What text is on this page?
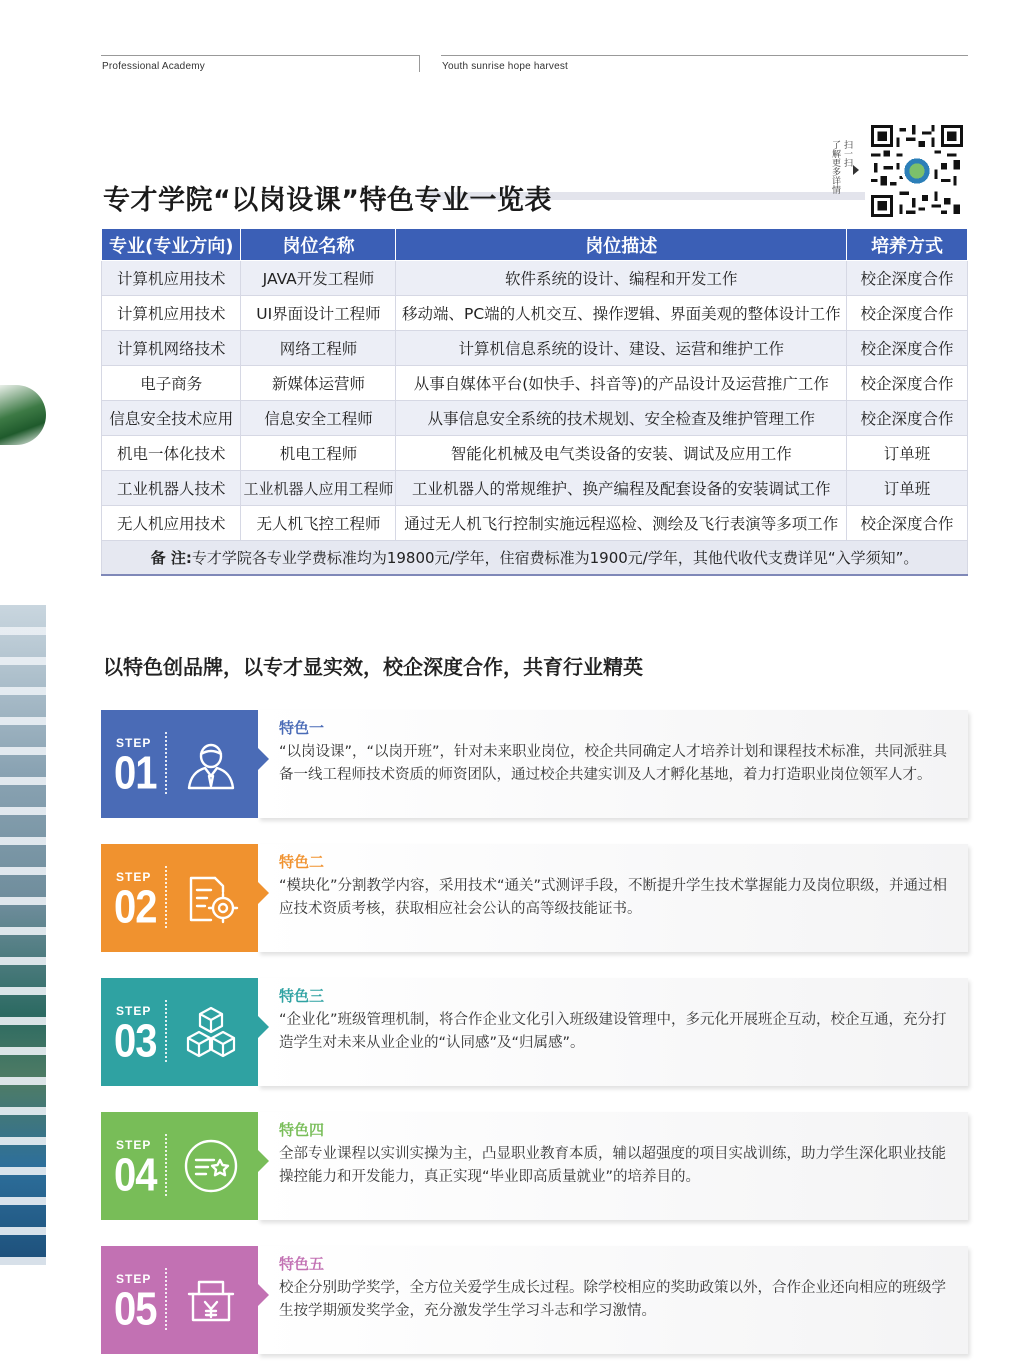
Professional Academy	Youth sunrise hope harvest
专才学院“以岗设课”特色专业一览表
扫一扫
了解更多详情
专业(专业方向)	岗位名称	岗位描述	培养方式
计算机应用技术	JAVA开发工程师	软件系统的设计、编程和开发工作	校企深度合作
计算机应用技术	UI界面设计工程师	移动端、PC端的人机交互、操作逻辑、界面美观的整体设计工作	校企深度合作
计算机网络技术	网络工程师	计算机信息系统的设计、建设、运营和维护工作	校企深度合作
电子商务	新媒体运营师	从事自媒体平台(如快手、抖音等)的产品设计及运营推广工作	校企深度合作
信息安全技术应用	信息安全工程师	从事信息安全系统的技术规划、安全检查及维护管理工作	校企深度合作
机电一体化技术	机电工程师	智能化机械及电气类设备的安装、调试及应用工作	订单班
工业机器人技术	工业机器人应用工程师	工业机器人的常规维护、换产编程及配套设备的安装调试工作	订单班
无人机应用技术	无人机飞控工程师	通过无人机飞行控制实施远程巡检、测绘及飞行表演等多项工作	校企深度合作
备 注:专才学院各专业学费标准均为19800元/学年，住宿费标准为1900元/学年，其他代收代支费详见“入学须知”。			
以特色创品牌，以专才显实效，校企深度合作，共育行业精英
STEP
01
特色一
“以岗设课”，“以岗开班”，针对未来职业岗位，校企共同确定人才培养计划和课程技术标准，共同派驻具备一线工程师技术资质的师资团队，通过校企共建实训及人才孵化基地，着力打造职业岗位领军人才。
STEP
02
特色二
“模块化”分割教学内容，采用技术“通关”式测评手段，不断提升学生技术掌握能力及岗位职级，并通过相应技术资质考核，获取相应社会公认的高等级技能证书。
STEP
03
特色三
“企业化”班级管理机制，将合作企业文化引入班级建设管理中，多元化开展班企互动，校企互通，充分打造学生对未来从业企业的“认同感”及“归属感”。
STEP
04
特色四
全部专业课程以实训实操为主，凸显职业教育本质，辅以超强度的项目实战训练，助力学生深化职业技能操控能力和开发能力，真正实现“毕业即高质量就业”的培养目的。
STEP
05
特色五
校企分别助学奖学，全方位关爱学生成长过程。除学校相应的奖助政策以外，合作企业还向相应的班级学生按学期颁发奖学金，充分激发学生学习斗志和学习激情。
